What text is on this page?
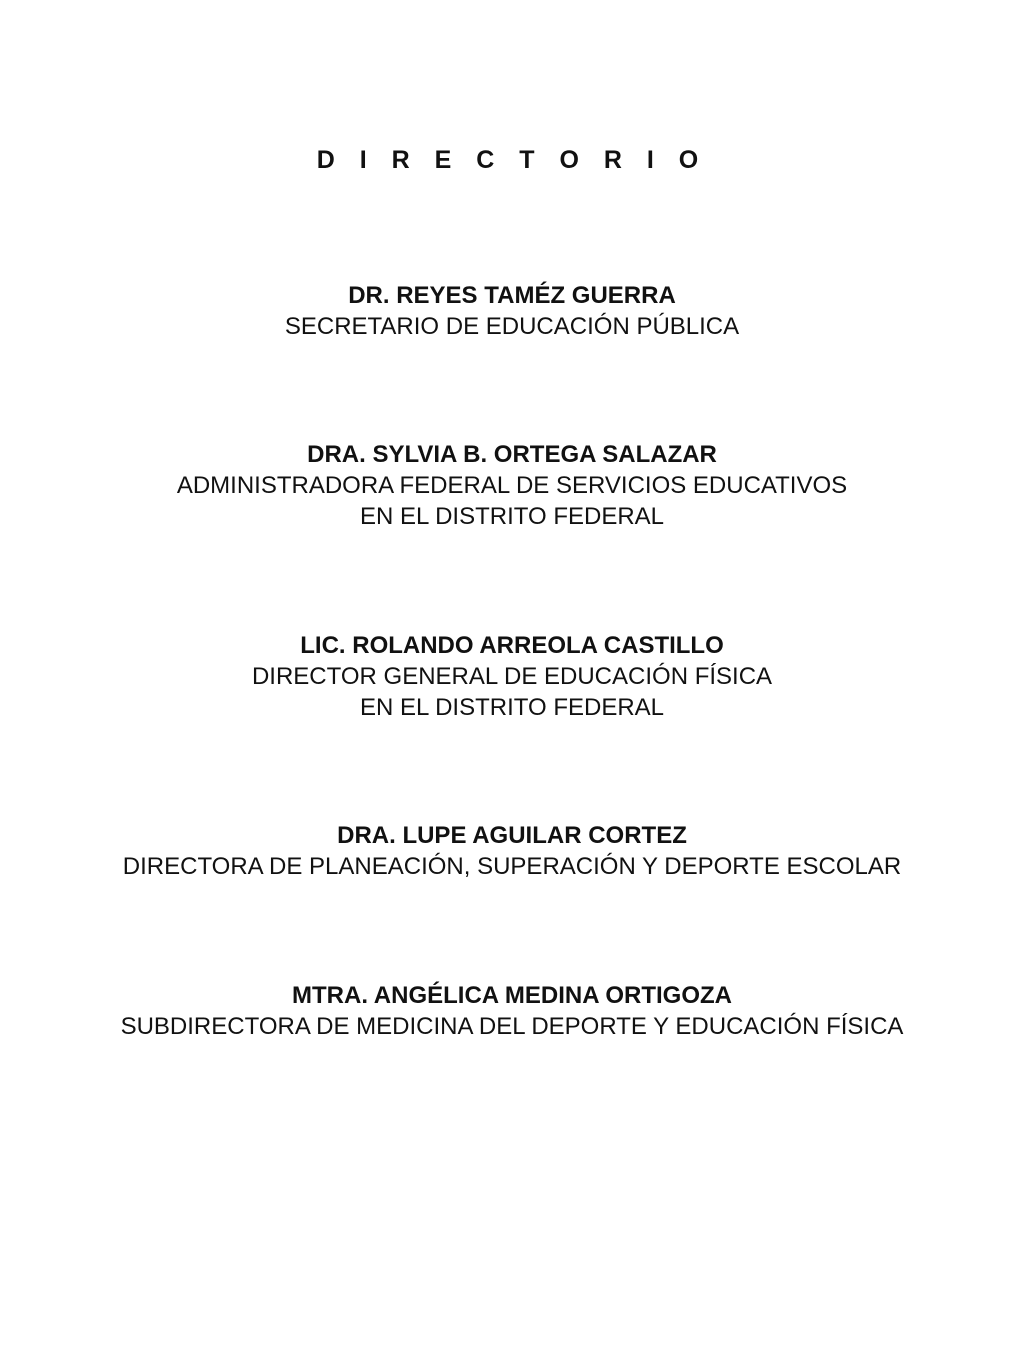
D I R E C T O R I O
DR. REYES TAMÉZ GUERRA
SECRETARIO DE EDUCACIÓN PÚBLICA
DRA. SYLVIA B. ORTEGA SALAZAR
ADMINISTRADORA FEDERAL DE SERVICIOS EDUCATIVOS
EN EL DISTRITO FEDERAL
LIC. ROLANDO ARREOLA CASTILLO
DIRECTOR GENERAL DE EDUCACIÓN FÍSICA
EN EL DISTRITO FEDERAL
DRA. LUPE AGUILAR CORTEZ
DIRECTORA DE PLANEACIÓN, SUPERACIÓN Y DEPORTE ESCOLAR
MTRA. ANGÉLICA MEDINA ORTIGOZA
SUBDIRECTORA DE MEDICINA DEL DEPORTE Y EDUCACIÓN FÍSICA
